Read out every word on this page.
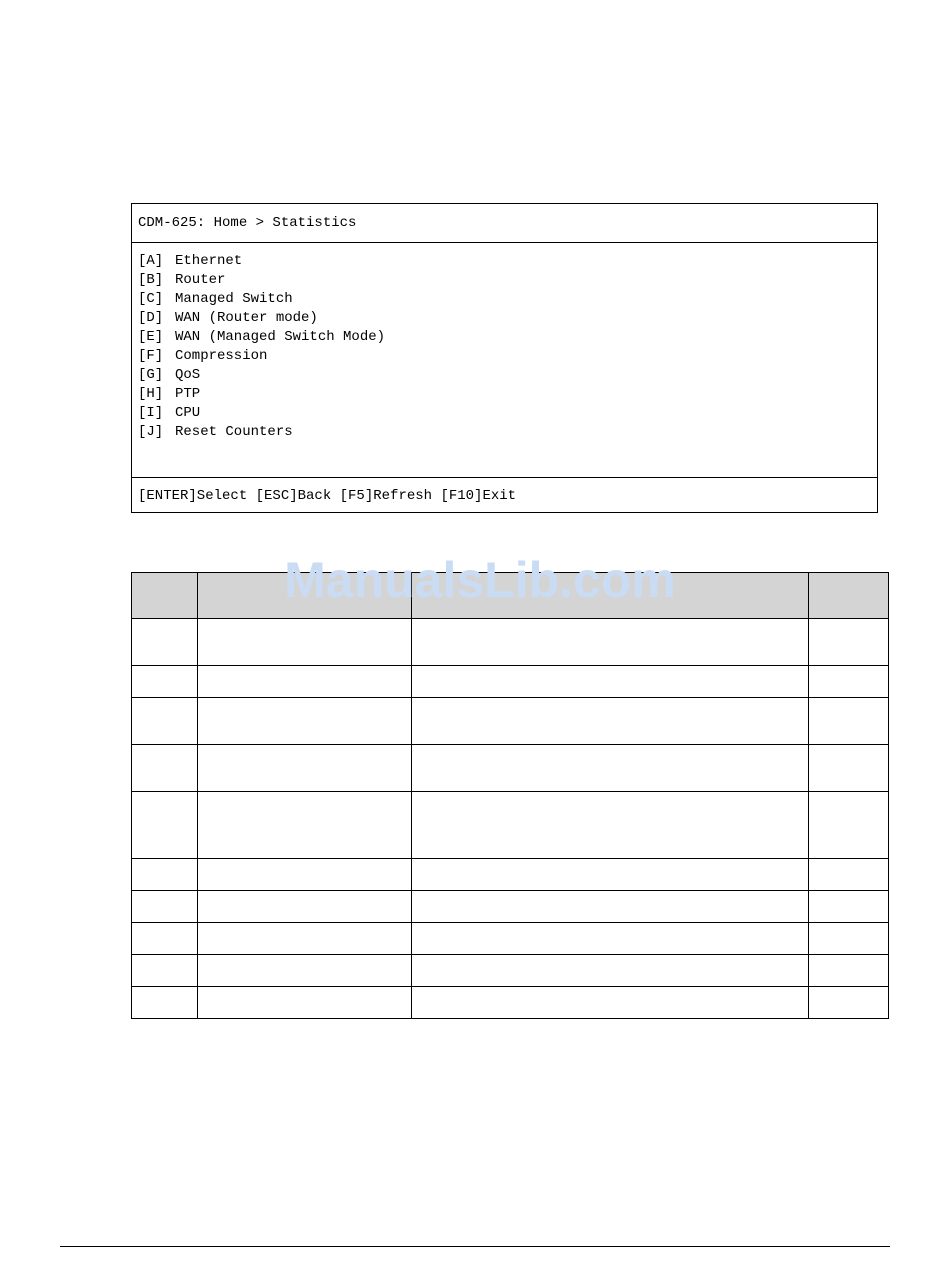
CDM-625: Home > Statistics
[A] Ethernet
[B] Router
[C] Managed Switch
[D] WAN (Router mode)
[E] WAN (Managed Switch Mode)
[F] Compression
[G] QoS
[H] PTP
[I] CPU
[J] Reset Counters
[ENTER]Select [ESC]Back [F5]Refresh [F10]Exit
ManualsLib.com
